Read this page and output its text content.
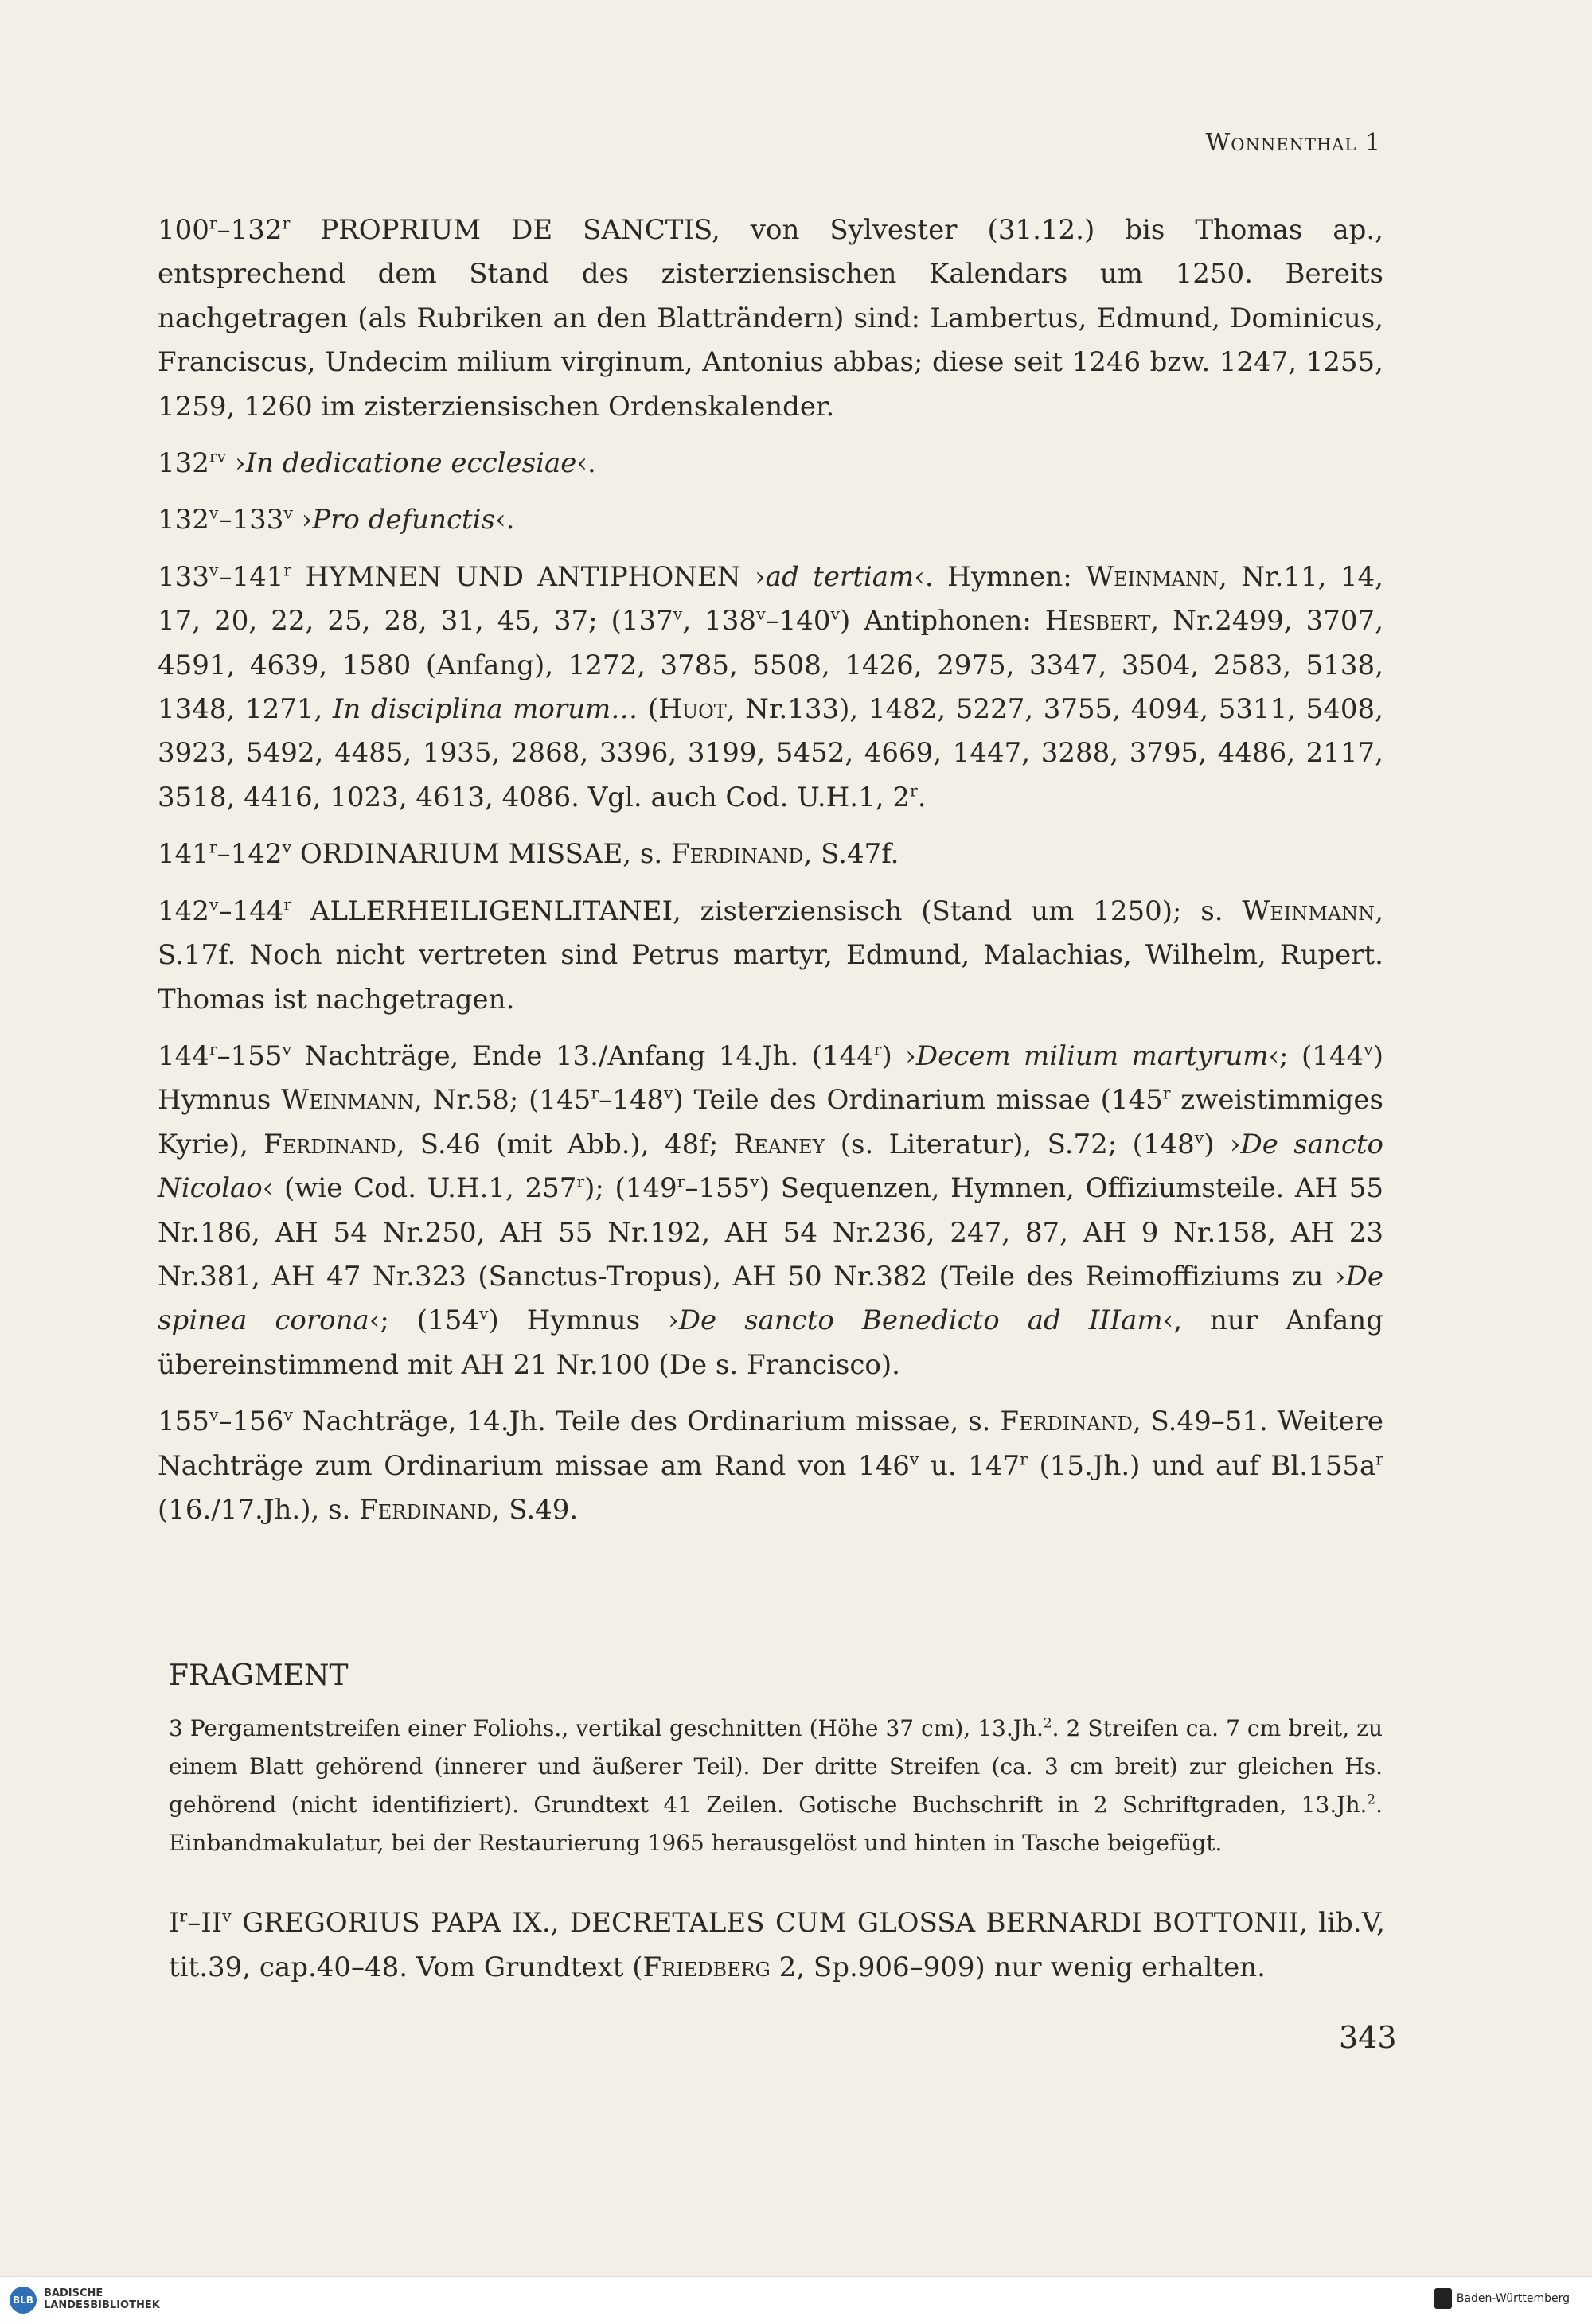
Wonnenthal 1

100$^r$–132$^r$ PROPRIUM DE SANCTIS, von Sylvester (31.12.) bis Thomas ap., entsprechend dem Stand des zisterziensischen Kalendars um 1250. Bereits nachgetragen (als Rubriken an den Blatträndern) sind: Lambertus, Edmund, Dominicus, Franciscus, Undecim milium virginum, Antonius abbas; diese seit 1246 bzw. 1247, 1255, 1259, 1260 im zisterziensischen Ordenskalender.

$132^{rv}$ ›In dedicatione ecclesiae‹.

132$^v$–133$^v$ ›Pro defunctis‹.

133$^v$–141$^r$ HYMNEN UND ANTIPHONEN ›ad tertiam‹. Hymnen: Weinmann, Nr.11, 14, 17, 20, 22, 25, 28, 31, 45, 37; (137$^v$, 138$^v$–140$^v$) Antiphonen: Hesbert, Nr.2499, 3707, 4591, 4639, 1580 (Anfang), 1272, 3785, 5508, 1426, 2975, 3347, 3504, 2583, 5138, 1348, 1271, In disciplina morum… (Huot, Nr.133), 1482, 5227, 3755, 4094, 5311, 5408, 3923, 5492, 4485, 1935, 2868, 3396, 3199, 5452, 4669, 1447, 3288, 3795, 4486, 2117, 3518, 4416, 1023, 4613, 4086. Vgl. auch Cod. U.H.1, 2$^r$.

141$^r$–142$^v$ ORDINARIUM MISSAE, s. Ferdinand, S.47f.

142$^v$–144$^r$ ALLERHEILIGENLITANEI, zisterziensisch (Stand um 1250); s. Weinmann, S.17f. Noch nicht vertreten sind Petrus martyr, Edmund, Malachias, Wilhelm, Rupert. Thomas ist nachgetragen.

144$^r$–155$^v$ Nachträge, Ende 13./Anfang 14.Jh. (144$^r$) ›Decem milium martyrum‹; (144$^v$) Hymnus Weinmann, Nr.58; (145$^r$–148$^v$) Teile des Ordinarium missae (145$^r$ zweistimmiges Kyrie), Ferdinand, S.46 (mit Abb.), 48f; Reaney (s. Literatur), S.72; (148$^v$) ›De sancto Nicolao‹ (wie Cod. U.H.1, 257$^r$); (149$^r$–155$^v$) Sequenzen, Hymnen, Offiziumsteile. AH 55 Nr.186, AH 54 Nr.250, AH 55 Nr.192, AH 54 Nr.236, 247, 87, AH 9 Nr.158, AH 23 Nr.381, AH 47 Nr.323 (Sanctus-Tropus), AH 50 Nr.382 (Teile des Reimoffiziums zu ›De spinea corona‹; (154$^v$) Hymnus ›De sancto Benedicto ad IIIam‹, nur Anfang übereinstimmend mit AH 21 Nr.100 (De s. Francisco).

155$^v$–156$^v$ Nachträge, 14.Jh. Teile des Ordinarium missae, s. Ferdinand, S.49–51. Weitere Nachträge zum Ordinarium missae am Rand von 146$^v$ u. 147$^r$ (15.Jh.) und auf $Bl.155a^r$ (16./17.Jh.), s. Ferdinand, S.49.

FRAGMENT

3 Pergamentstreifen einer Foliohs., vertikal geschnitten (Höhe 37 cm), 13.Jh.$^2$. 2 Streifen ca. 7 cm breit, zu einem Blatt gehörend (innerer und äußerer Teil). Der dritte Streifen (ca. 3 cm breit) zur gleichen Hs. gehörend (nicht identifiziert). Grundtext 41 Zeilen. Gotische Buchschrift in 2 Schriftgraden, 13.Jh.$^2$. Einbandmakulatur, bei der Restaurierung 1965 herausgelöst und hinten in Tasche beigefügt.

$I^r-II^v$ GREGORIUS PAPA IX., DECRETALES CUM GLOSSA BERNARDI BOTTONII, lib.V, tit.39, cap.40–48. Vom Grundtext (Friedberg 2, Sp.906–909) nur wenig erhalten.

343
BLB
BADISCHE
LANDESBIBLIOTHEK
Baden-Württemberg
